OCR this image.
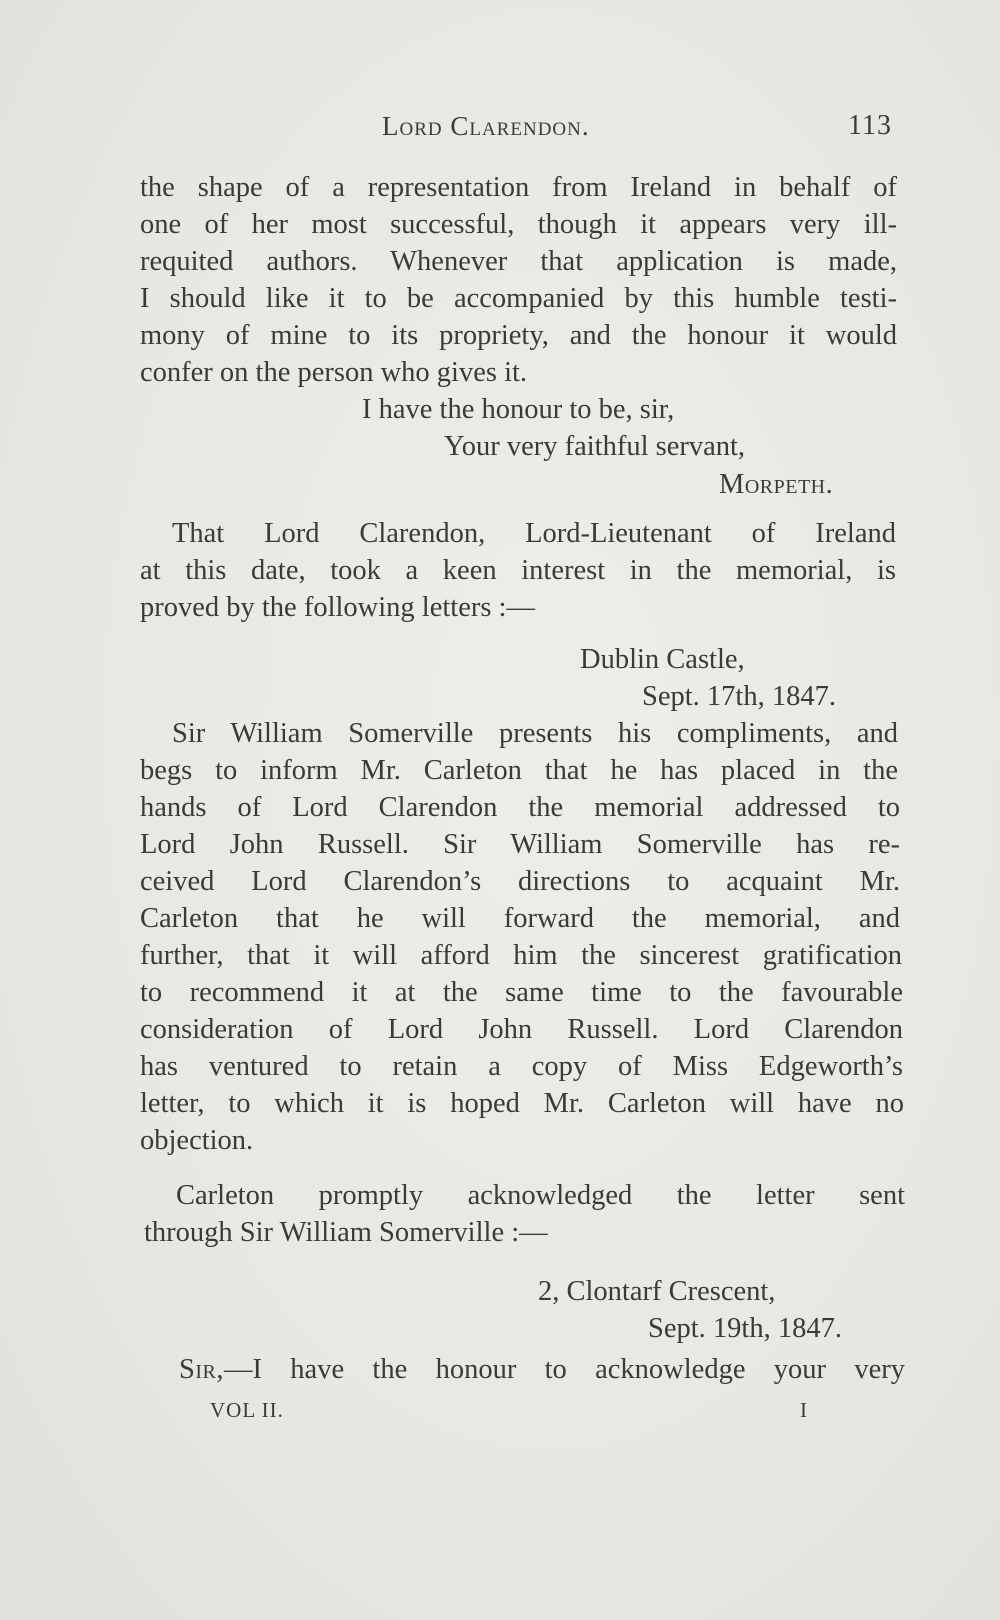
Lord Clarendon.	113
the shape of a representation from Ireland in behalf of
one of her most successful, though it appears very ill-
requited authors. Whenever that application is made,
I should like it to be accompanied by this humble testi-
mony of mine to its propriety, and the honour it would
confer on the person who gives it.
I have the honour to be, sir,
Your very faithful servant,
Morpeth.
That Lord Clarendon, Lord-Lieutenant of Ireland
at this date, took a keen interest in the memorial, is
proved by the following letters :—
Dublin Castle,
Sept. 17th, 1847.
Sir William Somerville presents his compliments, and
begs to inform Mr. Carleton that he has placed in the
hands of Lord Clarendon the memorial addressed to
Lord John Russell. Sir William Somerville has re-
ceived Lord Clarendon’s directions to acquaint Mr.
Carleton that he will forward the memorial, and
further, that it will afford him the sincerest gratification
to recommend it at the same time to the favourable
consideration of Lord John Russell. Lord Clarendon
has ventured to retain a copy of Miss Edgeworth’s
letter, to which it is hoped Mr. Carleton will have no
objection.
Carleton promptly acknowledged the letter sent
through Sir William Somerville :—
2, Clontarf Crescent,
Sept. 19th, 1847.
Sir,—I have the honour to acknowledge your very
VOL II.	I
